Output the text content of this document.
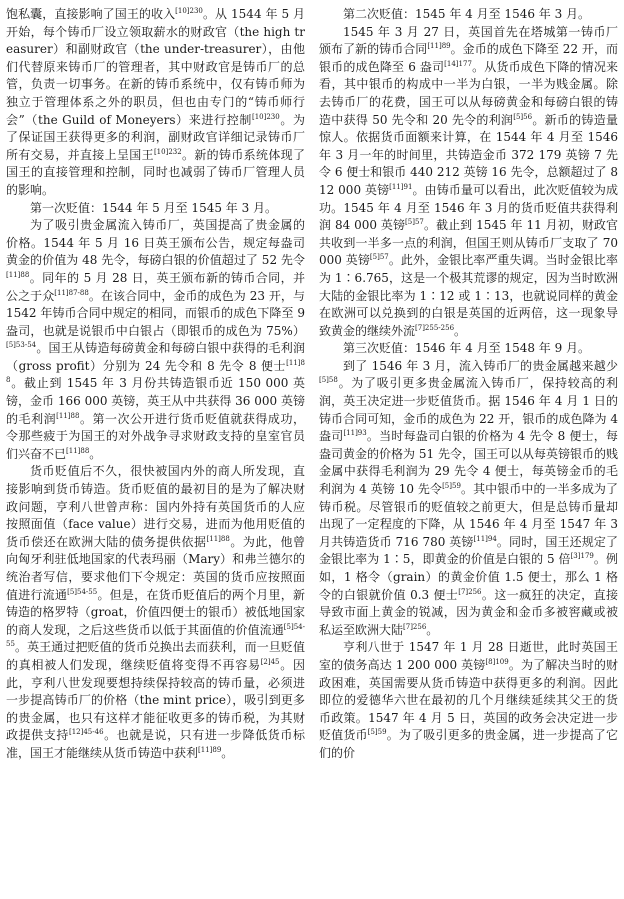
饱私囊，直接影响了国王的收入$^{[10]230}$。从 1544 年 5 月开始，每个铸币厂设立领取薪水的财政官（the high treasurer）和副财政官（the under-treasurer），由他们代替原来铸币厂的管理者，其中财政官是铸币厂的总管，负责一切事务。在新的铸币系统中，仅有铸币师为独立于管理体系之外的职员，但也由专门的“铸币师行会”（the Guild of Moneyers）来进行控制$^{[10]230}$。为了保证国王获得更多的利润，副财政官详细记录铸币厂所有交易，并直接上呈国王$^{[10]232}$。新的铸币系统体现了国王的直接管理和控制，同时也减弱了铸币厂管理人员的影响。

第一次贬值：1544 年 5 月至 1545 年 3 月。

为了吸引贵金属流入铸币厂，英国提高了贵金属的价格。1544 年 5 月 16 日英王颁布公告，规定每盎司黄金的价值为 48 先令，每磅白银的价值超过了 52 先令$^{[11]88}$。同年的 5 月 28 日，英王颁布新的铸币合同，并公之于众$^{[11]87-88}$。在该合同中，金币的成色为 23 开，与 1542 年铸币合同中规定的相同，而银币的成色下降至 9 盎司，也就是说银币中白银占（即银币的成色为 75%）$^{[5]53-54}$。国王从铸造每磅黄金和每磅白银中获得的毛利润（gross profit）分别为 24 先令和 8 先令 8 便士$^{[11]88}$。截止到 1545 年 3 月份共铸造银币近 150 000 英镑，金币 166 000 英镑，英王从中共获得 36 000 英镑的毛利润$^{[11]88}$。第一次公开进行货币贬值就获得成功，令那些疲于为国王的对外战争寻求财政支持的皇室官员们兴奋不已$^{[11]88}$。

货币贬值后不久，很快被国内外的商人所发现，直接影响到货币铸造。货币贬值的最初目的是为了解决财政问题，亨利八世曾声称：国内外持有英国货币的人应按照面值（face value）进行交易，进而为他用贬值的货币偿还在欧洲大陆的债务提供依据$^{[11]88}$。为此，他曾向匈牙利驻低地国家的代表玛丽（Mary）和弗兰德尔的统治者写信，要求他们下令规定：英国的货币应按照面值进行流通$^{[5]54-55}$。但是，在货币贬值后的两个月里，新铸造的格罗特（groat，价值四便士的银币）被低地国家的商人发现，之后这些货币以低于其面值的价值流通$^{[5]54-55}$。英王通过把贬值的货币兑换出去而获利，而一旦贬值的真相被人们发现，继续贬值将变得不再容易$^{[2]45}$。因此，亨利八世发现要想持续保持较高的铸币量，必须进一步提高铸币厂的价格（the mint price），吸引到更多的贵金属，也只有这样才能征收更多的铸币税，为其财政提供支持$^{[12]45-46}$。也就是说，只有进一步降低货币标准，国王才能继续从货币铸造中获利$^{[11]89}$。

第二次贬值：1545 年 4 月至 1546 年 3 月。

1545 年 3 月 27 日，英国首先在塔城第一铸币厂颁布了新的铸币合同$^{[11]89}$。金币的成色下降至 22 开，而银币的成色降至 6 盎司$^{[14]177}$。从货币成色下降的情况来看，其中银币的构成中一半为白银，一半为贱金属。除去铸币厂的花费，国王可以从每磅黄金和每磅白银的铸造中获得 50 先令和 20 先令的利润$^{[5]56}$。新币的铸造量惊人。依据货币面额来计算，在 1544 年 4 月至 1546 年 3 月一年的时间里，共铸造金币 372 179 英镑 7 先令 6 便士和银币 440 212 英镑 16 先令，总额超过了 812 000 英镑$^{[11]91}$。由铸币量可以看出，此次贬值较为成功。1545 年 4 月至 1546 年 3 月的货币贬值共获得利润 84 000 英镑$^{[5]57}$。截止到 1545 年 11 月初，财政官共收到一半多一点的利润，但国王则从铸币厂支取了 70 000 英镑$^{[5]57}$。此外，金银比率严重失调。当时金银比率为 1∶6.765，这是一个极其荒谬的规定，因为当时欧洲大陆的金银比率为 1∶12 或 1∶13，也就说同样的黄金在欧洲可以兑换到的白银是英国的近两倍，这一现象导致黄金的继续外流$^{[7]255-256}$。

第三次贬值：1546 年 4 月至 1548 年 9 月。

到了 1546 年 3 月，流入铸币厂的贵金属越来越少$^{[5]58}$。为了吸引更多贵金属流入铸币厂，保持较高的利润，英王决定进一步贬值货币。据 1546 年 4 月 1 日的铸币合同可知，金币的成色为 22 开，银币的成色降为 4 盎司$^{[11]93}$。当时每盎司白银的价格为 4 先令 8 便士，每盎司黄金的价格为 51 先令，国王可以从每英镑银币的贱金属中获得毛利润为 29 先令 4 便士，每英镑金币的毛利润为 4 英镑 10 先令$^{[5]59}$。其中银币中的一半多成为了铸币税。尽管银币的贬值较之前更大，但是总铸币量却出现了一定程度的下降，从 1546 年 4 月至 1547 年 3 月共铸造货币 716 780 英镑$^{[11]94}$。同时，国王还规定了金银比率为 1∶5，即黄金的价值是白银的 5 倍$^{[3]179}$。例如，1 格令（grain）的黄金价值 1.5 便士，那么 1 格令的白银就价值 0.3 便士$^{[7]256}$。这一疯狂的决定，直接导致市面上黄金的锐减，因为黄金和金币多被窖藏或被私运至欧洲大陆$^{[7]256}$。

亨利八世于 1547 年 1 月 28 日逝世，此时英国王室的债务高达 1 200 000 英镑$^{[8]109}$。为了解决当时的财政困难，英国需要从货币铸造中获得更多的利润。因此即位的爱德华六世在最初的几个月继续延续其父王的货币政策。1547 年 4 月 5 日，英国的政务会决定进一步贬值货币$^{[5]59}$。为了吸引更多的贵金属，进一步提高了它们的价
